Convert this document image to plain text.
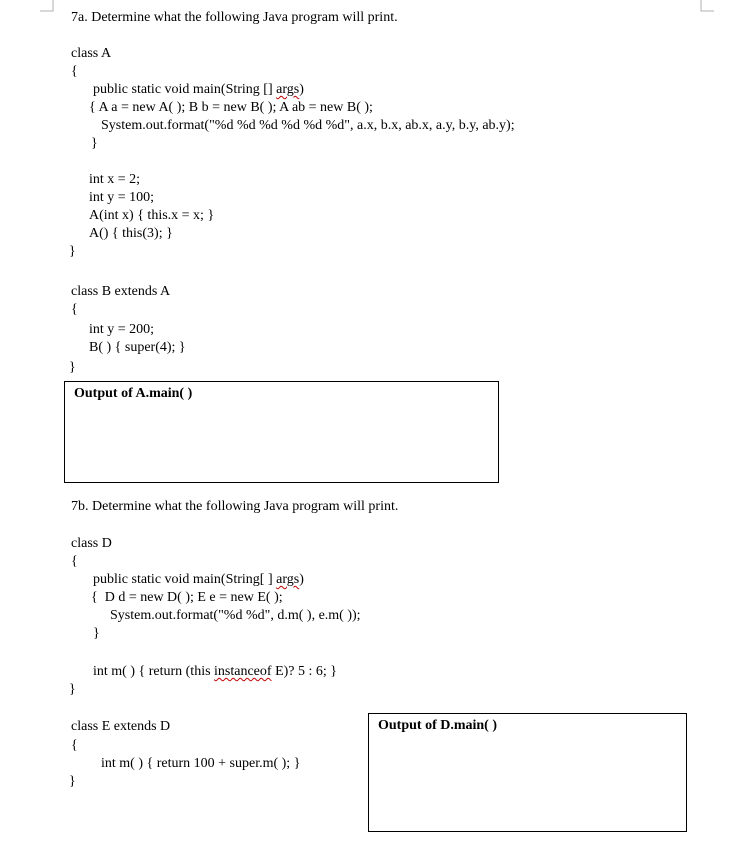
7a. Determine what the following Java program will print.
class A
{
public static void main(String [] args)
{ A a = new A( ); B b = new B( ); A ab = new B( );
System.out.format("%d %d %d %d %d %d", a.x, b.x, ab.x, a.y, b.y, ab.y);
}
int x = 2;
int y = 100;
A(int x) { this.x = x; }
A() { this(3); }
}
class B extends A
{
int y = 200;
B( ) { super(4); }
}
Output of A.main( )
7b. Determine what the following Java program will print.
class D
{
public static void main(String[ ] args)
{  D d = new D( ); E e = new E( );
System.out.format("%d %d", d.m( ), e.m( ));
}
int m( ) { return (this instanceof E)? 5 : 6; }
}
class E extends D
{
int m( ) { return 100 + super.m( ); }
}
Output of D.main( )
